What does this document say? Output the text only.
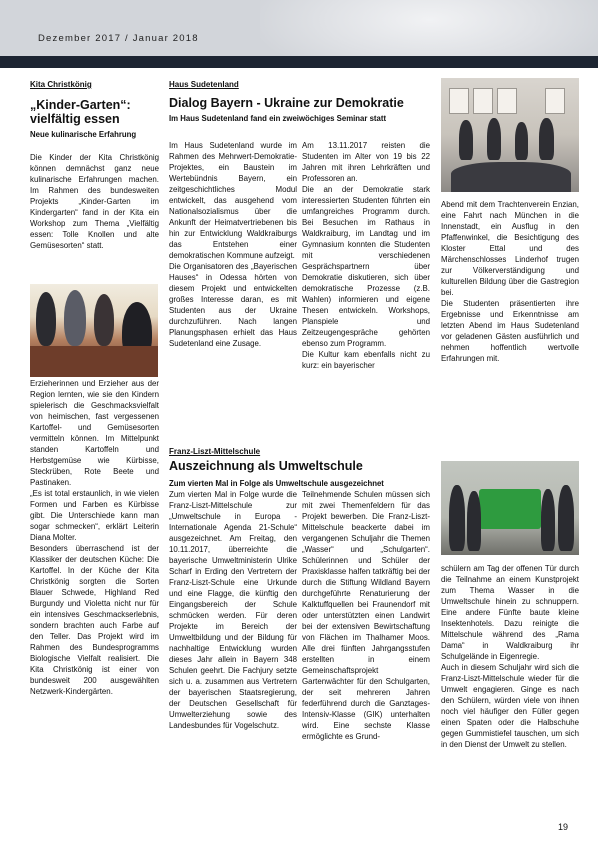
Dezember 2017 / Januar 2018
Kita Christkönig
„Kinder-Garten“:
vielfältig essen
Neue kulinarische Erfahrung

Die Kinder der Kita Christkönig können demnächst ganz neue kulinarische Erfahrungen machen. Im Rahmen des bundesweiten Projekts „Kinder-Garten im Kindergarten“ fand in der Kita ein Workshop zum Thema „Vielfältig essen: Tolle Knollen und alte Gemüsesorten“ statt.

Erzieherinnen und Erzieher aus der Region lernten, wie sie den Kindern spielerisch die Geschmacksvielfalt von heimischen, fast vergessenen Kartoffel- und Gemüsesorten vermitteln können. Im Mittelpunkt standen Kartoffeln und Herbstgemüse wie Kürbisse, Steckrüben, Rote Beete und Pastinaken.

„Es ist total erstaunlich, in wie vielen Formen und Farben es Kürbisse gibt. Die Unterschiede kann man sogar schmecken“, erklärt Leiterin Diana Molter.

Besonders überraschend ist der Klassiker der deutschen Küche: Die Kartoffel. In der Küche der Kita Christkönig sorgten die Sorten Blauer Schwede, Highland Red Burgundy und Violetta nicht nur für ein intensives Geschmackserlebnis, sondern brachten auch Farbe auf den Teller. Das Projekt wird im Rahmen des Bundesprogramms Biologische Vielfalt realisiert. Die Kita Christkönig ist einer von bundesweit 200 ausgewählten Netzwerk-Kindergärten.

Haus Sudetenland
Dialog Bayern - Ukraine zur Demokratie
Im Haus Sudetenland fand ein zweiwöchiges Seminar statt

Im Haus Sudetenland wurde im Rahmen des Mehrwert-Demokratie-Projektes, ein Baustein im Wertebündnis Bayern, ein zeitgeschichtliches Modul entwickelt, das ausgehend vom Nationalsozialismus über die Ankunft der Heimatvertriebenen bis hin zur Entwicklung Waldkraiburgs das Entstehen einer demokratischen Kommune aufzeigt.

Die Organisatoren des „Bayerischen Hauses“ in Odessa hörten von diesem Projekt und entwickelten großes Interesse daran, es mit Studenten aus der Ukraine durchzuführen. Nach langen Planungsphasen erhielt das Haus Sudetenland eine Zusage.

Am 13.11.2017 reisten die Studenten im Alter von 19 bis 22 Jahren mit ihren Lehrkräften und Professoren an.

Die an der Demokratie stark interessierten Studenten führten ein umfangreiches Programm durch. Bei Besuchen im Rathaus in Waldkraiburg, im Landtag und im Gymnasium konnten die Studenten mit verschiedenen Gesprächspartnern über Demokratie diskutieren, sich über demokratische Prozesse (z.B. Wahlen) informieren und eigene Thesen entwickeln. Workshops, Planspiele und Zeitzeugengespräche gehörten ebenso zum Programm.

Die Kultur kam ebenfalls nicht zu kurz: ein bayerischer

Abend mit dem Trachtenverein Enzian, eine Fahrt nach München in die Innenstadt, ein Ausflug in den Pfaffenwinkel, die Besichtigung des Kloster Ettal und des Märchenschlosses Linderhof trugen zur Völkerverständigung und kulturellen Bildung über die Gastregion bei.

Die Studenten präsentierten ihre Ergebnisse und Erkenntnisse am letzten Abend im Haus Sudetenland vor geladenen Gästen ausführlich und nehmen hoffentlich wertvolle Erfahrungen mit.

Franz-Liszt-Mittelschule
Auszeichnung als Umweltschule
Zum vierten Mal in Folge als Umweltschule ausgezeichnet

Zum vierten Mal in Folge wurde die Franz-Liszt-Mittelschule zur „Umweltschule in Europa - Internationale Agenda 21-Schule“ ausgezeichnet. Am Freitag, den 10.11.2017, überreichte die bayerische Umweltministerin Ulrike Scharf in Erding den Vertretern der Franz-Liszt-Schule eine Urkunde und eine Flagge, die künftig den Eingangsbereich der Schule schmücken werden. Für deren Projekte im Bereich der Umweltbildung und der Bildung für nachhaltige Entwicklung wurden dieses Jahr allein in Bayern 348 Schulen geehrt. Die Fachjury setzte sich u. a. zusammen aus Vertretern der bayerischen Staatsregierung, der Deutschen Gesellschaft für Umwelterziehung sowie des Landesbundes für Vogelschutz.

Teilnehmende Schulen müssen sich mit zwei Themenfeldern für das Projekt bewerben. Die Franz-Liszt-Mittelschule beackerte dabei im vergangenen Schuljahr die Themen „Wasser“ und „Schulgarten“. Schülerinnen und Schüler der Praxisklasse halfen tatkräftig bei der durch die Stiftung Wildland Bayern durchgeführte Renaturierung der Kalktuffquellen bei Fraunendorf mit oder unterstützten einen Landwirt bei der extensiven Bewirtschaftung von Flächen im Thalhamer Moos. Alle drei fünften Jahrgangsstufen erstellten in einem Gemeinschaftsprojekt Gartenwächter für den Schulgarten, der seit mehreren Jahren federführend durch die Ganztages-Intensiv-Klasse (GIK) unterhalten wird. Eine sechste Klasse ermöglichte es Grund-

schülern am Tag der offenen Tür durch die Teilnahme an einem Kunstprojekt zum Thema Wasser in die Umweltschule hinein zu schnuppern. Eine andere Fünfte baute kleine Insektenhotels. Dazu reinigte die Mittelschule während des „Rama Dama“ in Waldkraiburg ihr Schulgelände in Eigenregie.

Auch in diesem Schuljahr wird sich die Franz-Liszt-Mittelschule wieder für die Umwelt engagieren. Ginge es nach den Schülern, würden viele von ihnen noch viel häufiger den Füller gegen einen Spaten oder die Halbschuhe gegen Gummistiefel tauschen, um sich in den Dienst der Umwelt zu stellen.

19
